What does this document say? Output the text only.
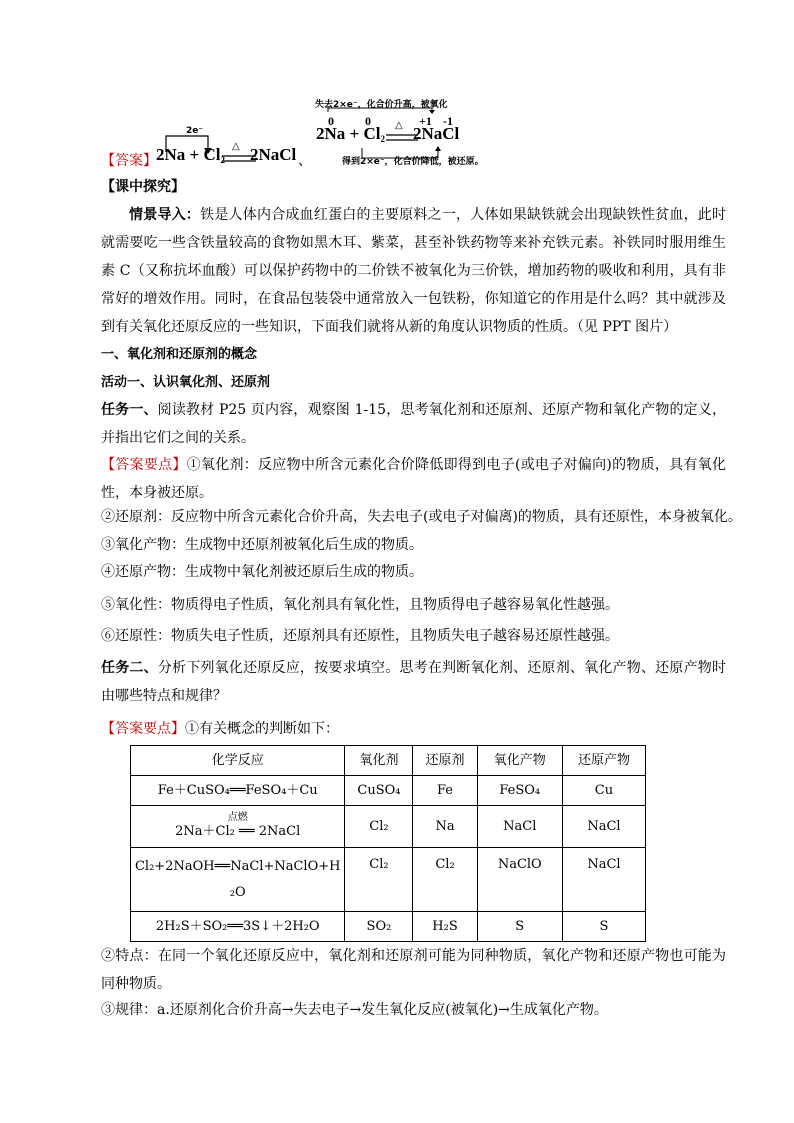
2e⁻
【答案】 $2Na + Cl_2$
△ 2NaCl 、
失去2×e⁻，化合价升高，被氧化
0	0	+1 -1
$2Na + Cl_2$
△ 2NaCl
得到2×e⁻，化合价降低，被还原。

【课中探究】

情景导入：铁是人体内合成血红蛋白的主要原料之一，人体如果缺铁就会出现缺铁性贫血，此时就需要吃一些含铁量较高的食物如黑木耳、紫菜，甚至补铁药物等来补充铁元素。补铁同时服用维生素 C（又称抗坏血酸）可以保护药物中的二价铁不被氧化为三价铁，增加药物的吸收和利用，具有非常好的增效作用。同时，在食品包装袋中通常放入一包铁粉，你知道它的作用是什么吗？其中就涉及到有关氧化还原反应的一些知识，下面我们就将从新的角度认识物质的性质。（见 PPT 图片）

一、氧化剂和还原剂的概念

活动一、认识氧化剂、还原剂

任务一、阅读教材 P25 页内容，观察图 1-15，思考氧化剂和还原剂、还原产物和氧化产物的定义，并指出它们之间的关系。
【答案要点】①氧化剂：反应物中所含元素化合价降低即得到电子(或电子对偏向)的物质，具有氧化性，本身被还原。

②还原剂：反应物中所含元素化合价升高，失去电子(或电子对偏离)的物质，具有还原性，本身被氧化。

③氧化产物：生成物中还原剂被氧化后生成的物质。

④还原产物：生成物中氧化剂被还原后生成的物质。

⑤氧化性：物质得电子性质，氧化剂具有氧化性，且物质得电子越容易氧化性越强。

⑥还原性：物质失电子性质，还原剂具有还原性，且物质失电子越容易还原性越强。

任务二、分析下列氧化还原反应，按要求填空。思考在判断氧化剂、还原剂、氧化产物、还原产物时由哪些特点和规律？

【答案要点】①有关概念的判断如下：

化学反应	氧化剂	还原剂	氧化产物	还原产物
Fe＋CuSO₄══FeSO₄＋Cu	CuSO₄	Fe	FeSO₄	Cu

点燃
2Na＋Cl₂ ══ 2NaCl	Cl₂	Na	NaCl	NaCl
Cl₂+2NaOH══NaCl+NaClO+H ₂O	Cl₂	Cl₂	NaClO	NaCl
2H₂S＋SO₂══3S↓＋2H₂O	SO₂	H₂S	S	S
②特点：在同一个氧化还原反应中，氧化剂和还原剂可能为同种物质，氧化产物和还原产物也可能为同种物质。

③规律：a.还原剂化合价升高→失去电子→发生氧化反应(被氧化)→生成氧化产物。
